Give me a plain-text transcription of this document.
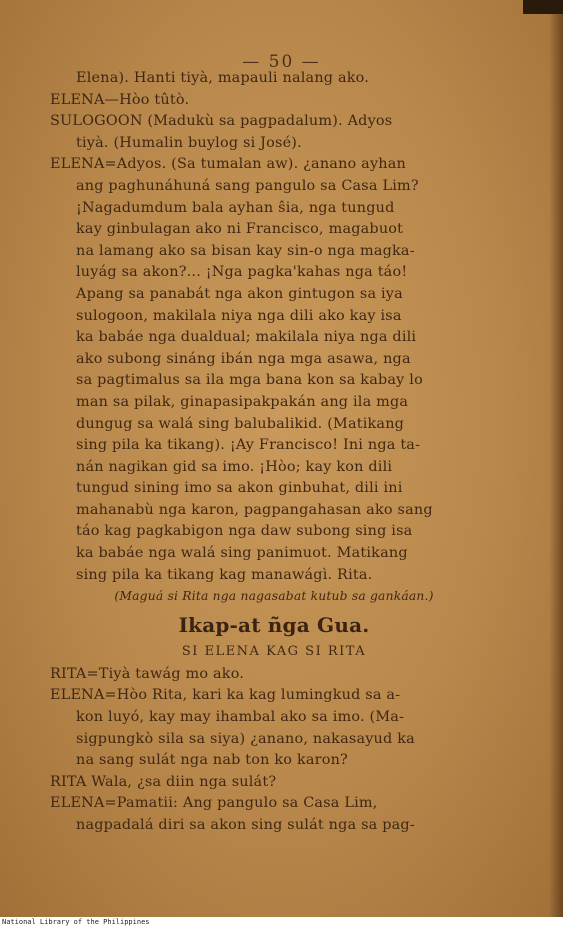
— 50 —
Elena). Hanti tiyà, mapauli nalang ako.
ELENA—Hòo tûtò.
SULOGOON (Madukù sa pagpadalum). Adyos
tiyà. (Humalin buylog si José).
ELENA=Adyos. (Sa tumalan aw). ¿anano ayhan
ang paghunáhuná sang pangulo sa Casa Lim?
¡Nagadumdum bala ayhan ŝia, nga tungud
kay ginbulagan ako ni Francisco, magabuot
na lamang ako sa bisan kay sin-o nga magka-
luyág sa akon?... ¡Nga pagka'kahas nga táo!
Apang sa panabát nga akon gintugon sa iya
sulogoon, makilala niya nga dili ako kay isa
ka babáe nga dualdual; makilala niya nga dili
ako subong sináng ibán nga mga asawa, nga
sa pagtimalus sa ila mga bana kon sa kabay lo
man sa pilak, ginapasipakpakán ang ila mga
dungug sa walá sing balubalikid. (Matikang
sing pila ka tikang). ¡Ay Francisco! Ini nga ta-
nán nagikan gid sa imo. ¡Hòo; kay kon dili
tungud sining imo sa akon ginbuhat, dili ini
mahanabù nga karon, pagpangahasan ako sang
táo kag pagkabigon nga daw subong sing isa
ka babáe nga walá sing panimuot. Matikang
sing pila ka tikang kag manawágì. Rita.
(Maguá si Rita nga nagasabat kutub sa gankáan.)
Ikap-at ñga Gua.
SI ELENA KAG SI RITA
RITA=Tiyà tawág mo ako.
ELENA=Hòo Rita, kari ka kag lumingkud sa a-
kon luyó, kay may ihambal ako sa imo. (Ma-
sigpungkò sila sa siya) ¿anano, nakasayud ka
na sang sulát nga nab ton ko karon?
RITA Wala, ¿sa diin nga sulát?
ELENA=Pamatii: Ang pangulo sa Casa Lim,
nagpadalá diri sa akon sing sulát nga sa pag-
National Library of the Philippines
